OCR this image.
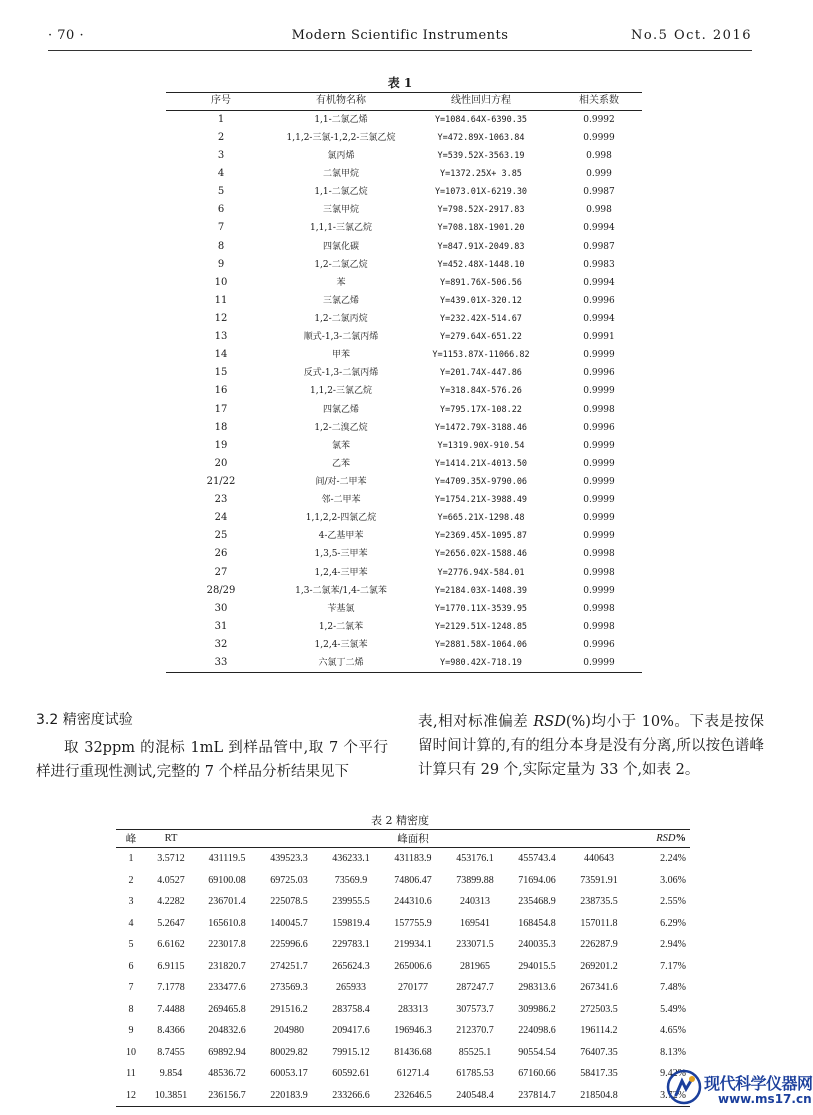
· 70 ·	Modern Scientific Instruments	No.5 Oct. 2016
表 1
序号	有机物名称	线性回归方程	相关系数
1	1,1-二氯乙烯	Y=1084.64X-6390.35	0.9992
2	1,1,2-三氯-1,2,2-三氯乙烷	Y=472.89X-1063.84	0.9999
3	氯丙烯	Y=539.52X-3563.19	0.998
4	二氯甲烷	Y=1372.25X+ 3.85	0.999
5	1,1-二氯乙烷	Y=1073.01X-6219.30	0.9987
6	三氯甲烷	Y=798.52X-2917.83	0.998
7	1,1,1-三氯乙烷	Y=708.18X-1901.20	0.9994
8	四氯化碳	Y=847.91X-2049.83	0.9987
9	1,2-二氯乙烷	Y=452.48X-1448.10	0.9983
10	苯	Y=891.76X-506.56	0.9994
11	三氯乙烯	Y=439.01X-320.12	0.9996
12	1,2-二氯丙烷	Y=232.42X-514.67	0.9994
13	顺式-1,3-二氯丙烯	Y=279.64X-651.22	0.9991
14	甲苯	Y=1153.87X-11066.82	0.9999
15	反式-1,3-二氯丙烯	Y=201.74X-447.86	0.9996
16	1,1,2-三氯乙烷	Y=318.84X-576.26	0.9999
17	四氯乙烯	Y=795.17X-108.22	0.9998
18	1,2-二溴乙烷	Y=1472.79X-3188.46	0.9996
19	氯苯	Y=1319.90X-910.54	0.9999
20	乙苯	Y=1414.21X-4013.50	0.9999
21/22	间/对-二甲苯	Y=4709.35X-9790.06	0.9999
23	邻-二甲苯	Y=1754.21X-3988.49	0.9999
24	1,1,2,2-四氯乙烷	Y=665.21X-1298.48	0.9999
25	4-乙基甲苯	Y=2369.45X-1095.87	0.9999
26	1,3,5-三甲苯	Y=2656.02X-1588.46	0.9998
27	1,2,4-三甲苯	Y=2776.94X-584.01	0.9998
28/29	1,3-二氯苯/1,4-二氯苯	Y=2184.03X-1408.39	0.9999
30	苄基氯	Y=1770.11X-3539.95	0.9998
31	1,2-二氯苯	Y=2129.51X-1248.85	0.9998
32	1,2,4-三氯苯	Y=2881.58X-1064.06	0.9996
33	六氯丁二烯	Y=980.42X-718.19	0.9999
3.2 精密度试验
取 32ppm 的混标 1mL 到样品管中,取 7 个平行样进行重现性测试,完整的 7 个样品分析结果见下
表,相对标准偏差 RSD(%)均小于 10%。下表是按保留时间计算的,有的组分本身是没有分离,所以按色谱峰计算只有 29 个,实际定量为 33 个,如表 2。
表 2 精密度
峰	RT	峰面积							RSD%
1	3.5712	431119.5	439523.3	436233.1	431183.9	453176.1	455743.4	440643	2.24%
2	4.0527	69100.08	69725.03	73569.9	74806.47	73899.88	71694.06	73591.91	3.06%
3	4.2282	236701.4	225078.5	239955.5	244310.6	240313	235468.9	238735.5	2.55%
4	5.2647	165610.8	140045.7	159819.4	157755.9	169541	168454.8	157011.8	6.29%
5	6.6162	223017.8	225996.6	229783.1	219934.1	233071.5	240035.3	226287.9	2.94%
6	6.9115	231820.7	274251.7	265624.3	265006.6	281965	294015.5	269201.2	7.17%
7	7.1778	233477.6	273569.3	265933	270177	287247.7	298313.6	267341.6	7.48%
8	7.4488	269465.8	291516.2	283758.4	283313	307573.7	309986.2	272503.5	5.49%
9	8.4366	204832.6	204980	209417.6	196946.3	212370.7	224098.6	196114.2	4.65%
10	8.7455	69892.94	80029.82	79915.12	81436.68	85525.1	90554.54	76407.35	8.13%
11	9.854	48536.72	60053.17	60592.61	61271.4	61785.53	67160.66	58417.35	9.42%
12	10.3851	236156.7	220183.9	233266.6	232646.5	240548.4	237814.7	218504.8	3.72%
现代科学仪器网
www.ms17.cn
